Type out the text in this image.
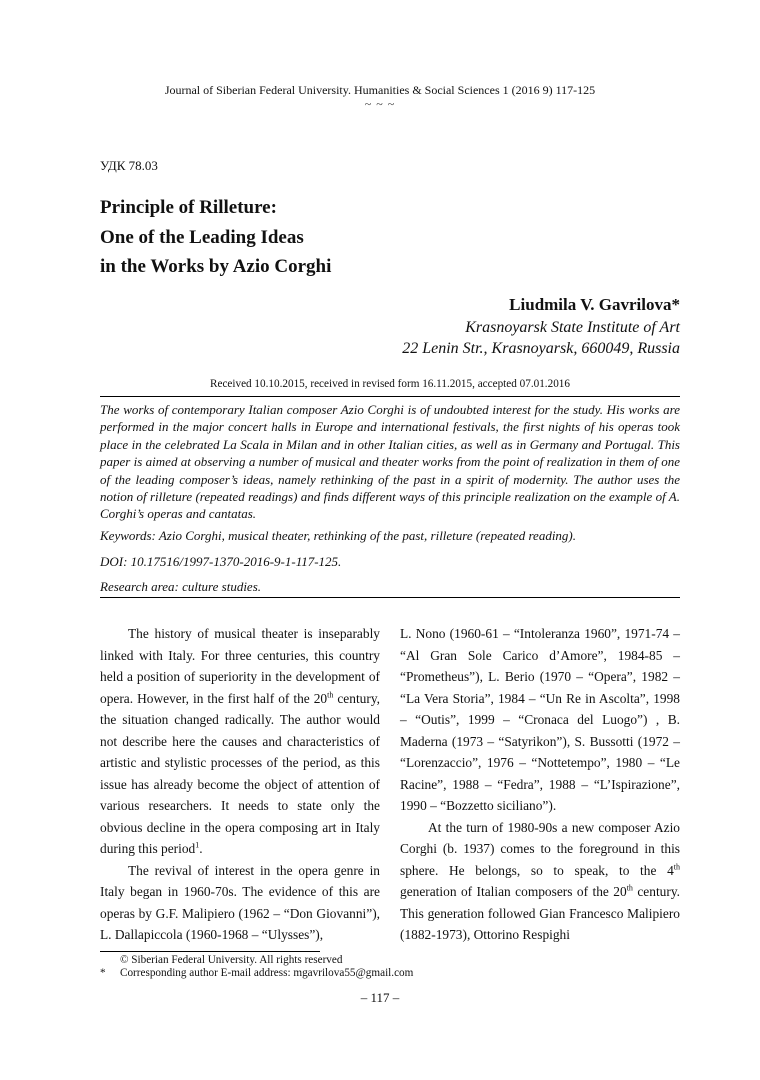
Journal of Siberian Federal University. Humanities & Social Sciences 1 (2016 9) 117-125
~ ~ ~
УДК 78.03
Principle of Rilleture:
One of the Leading Ideas
in the Works by Azio Corghi
Liudmila V. Gavrilova*
Krasnoyarsk State Institute of Art
22 Lenin Str., Krasnoyarsk, 660049, Russia
Received 10.10.2015, received in revised form 16.11.2015, accepted 07.01.2016
The works of contemporary Italian composer Azio Corghi is of undoubted interest for the study. His works are performed in the major concert halls in Europe and international festivals, the first nights of his operas took place in the celebrated La Scala in Milan and in other Italian cities, as well as in Germany and Portugal. This paper is aimed at observing a number of musical and theater works from the point of realization in them of one of the leading composer’s ideas, namely rethinking of the past in a spirit of modernity. The author uses the notion of rilleture (repeated readings) and finds different ways of this principle realization on the example of A. Corghi’s operas and cantatas.
Keywords: Azio Corghi, musical theater, rethinking of the past, rilleture (repeated reading).
DOI: 10.17516/1997-1370-2016-9-1-117-125.
Research area: culture studies.

The history of musical theater is inseparably linked with Italy. For three centuries, this country held a position of superiority in the development of opera. However, in the first half of the 20th century, the situation changed radically. The author would not describe here the causes and characteristics of artistic and stylistic processes of the period, as this issue has already become the object of attention of various researchers. It needs to state only the obvious decline in the opera composing art in Italy during this period$^1$.

The revival of interest in the opera genre in Italy began in 1960-70s. The evidence of this are operas by G.F. Malipiero (1962 – “Don Giovanni”), L. Dallapiccola (1960-1968 – “Ulysses”),

L. Nono (1960-61 – “Intoleranza 1960”, 1971-74 – “Al Gran Sole Carico d’Amore”, 1984-85 – “Prometheus”), L. Berio (1970 – “Opera”, 1982 – “La Vera Storia”, 1984 – “Un Re in Ascolta”, 1998 – “Outis”, 1999 – “Cronaca del Luogo”) , B. Maderna (1973 – “Satyrikon”), S. Bussotti (1972 – “Lorenzaccio”, 1976 – “Nottetempo”, 1980 – “Le Racine”, 1988 – “Fedra”, 1988 – “L’Ispirazione”, 1990 – “Bozzetto siciliano”).

At the turn of 1980-90s a new composer Azio Corghi (b. 1937) comes to the foreground in this sphere. He belongs, so to speak, to the 4th generation of Italian composers of the 20th century. This generation followed Gian Francesco Malipiero (1882-1973), Ottorino Respighi

© Siberian Federal University. All rights reserved
* Corresponding author E-mail address: mgavrilova55@gmail.com
– 117 –
